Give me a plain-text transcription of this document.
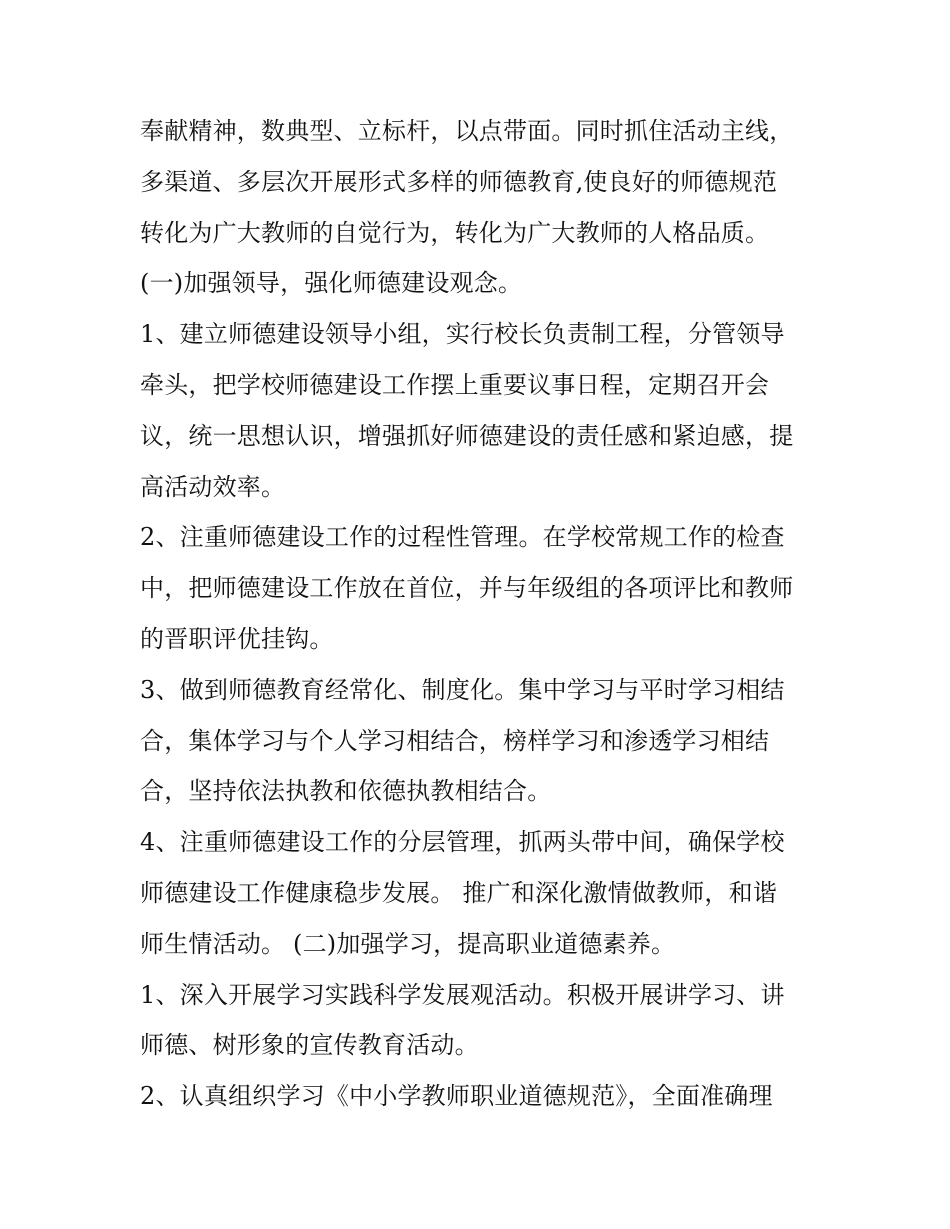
奉献精神，数典型、立标杆，以点带面。同时抓住活动主线，
多渠道、多层次开展形式多样的师德教育,使良好的师德规范
转化为广大教师的自觉行为，转化为广大教师的人格品质。
(一)加强领导，强化师德建设观念。
1、建立师德建设领导小组，实行校长负责制工程，分管领导
牵头，把学校师德建设工作摆上重要议事日程，定期召开会
议，统一思想认识，增强抓好师德建设的责任感和紧迫感，提
高活动效率。
2、注重师德建设工作的过程性管理。在学校常规工作的检查
中，把师德建设工作放在首位，并与年级组的各项评比和教师
的晋职评优挂钩。
3、做到师德教育经常化、制度化。集中学习与平时学习相结
合，集体学习与个人学习相结合，榜样学习和渗透学习相结
合，坚持依法执教和依德执教相结合。
4、注重师德建设工作的分层管理，抓两头带中间，确保学校
师德建设工作健康稳步发展。 推广和深化激情做教师，和谐
师生情活动。 (二)加强学习，提高职业道德素养。
1、深入开展学习实践科学发展观活动。积极开展讲学习、讲
师德、树形象的宣传教育活动。
2、认真组织学习《中小学教师职业道德规范》，全面准确理
